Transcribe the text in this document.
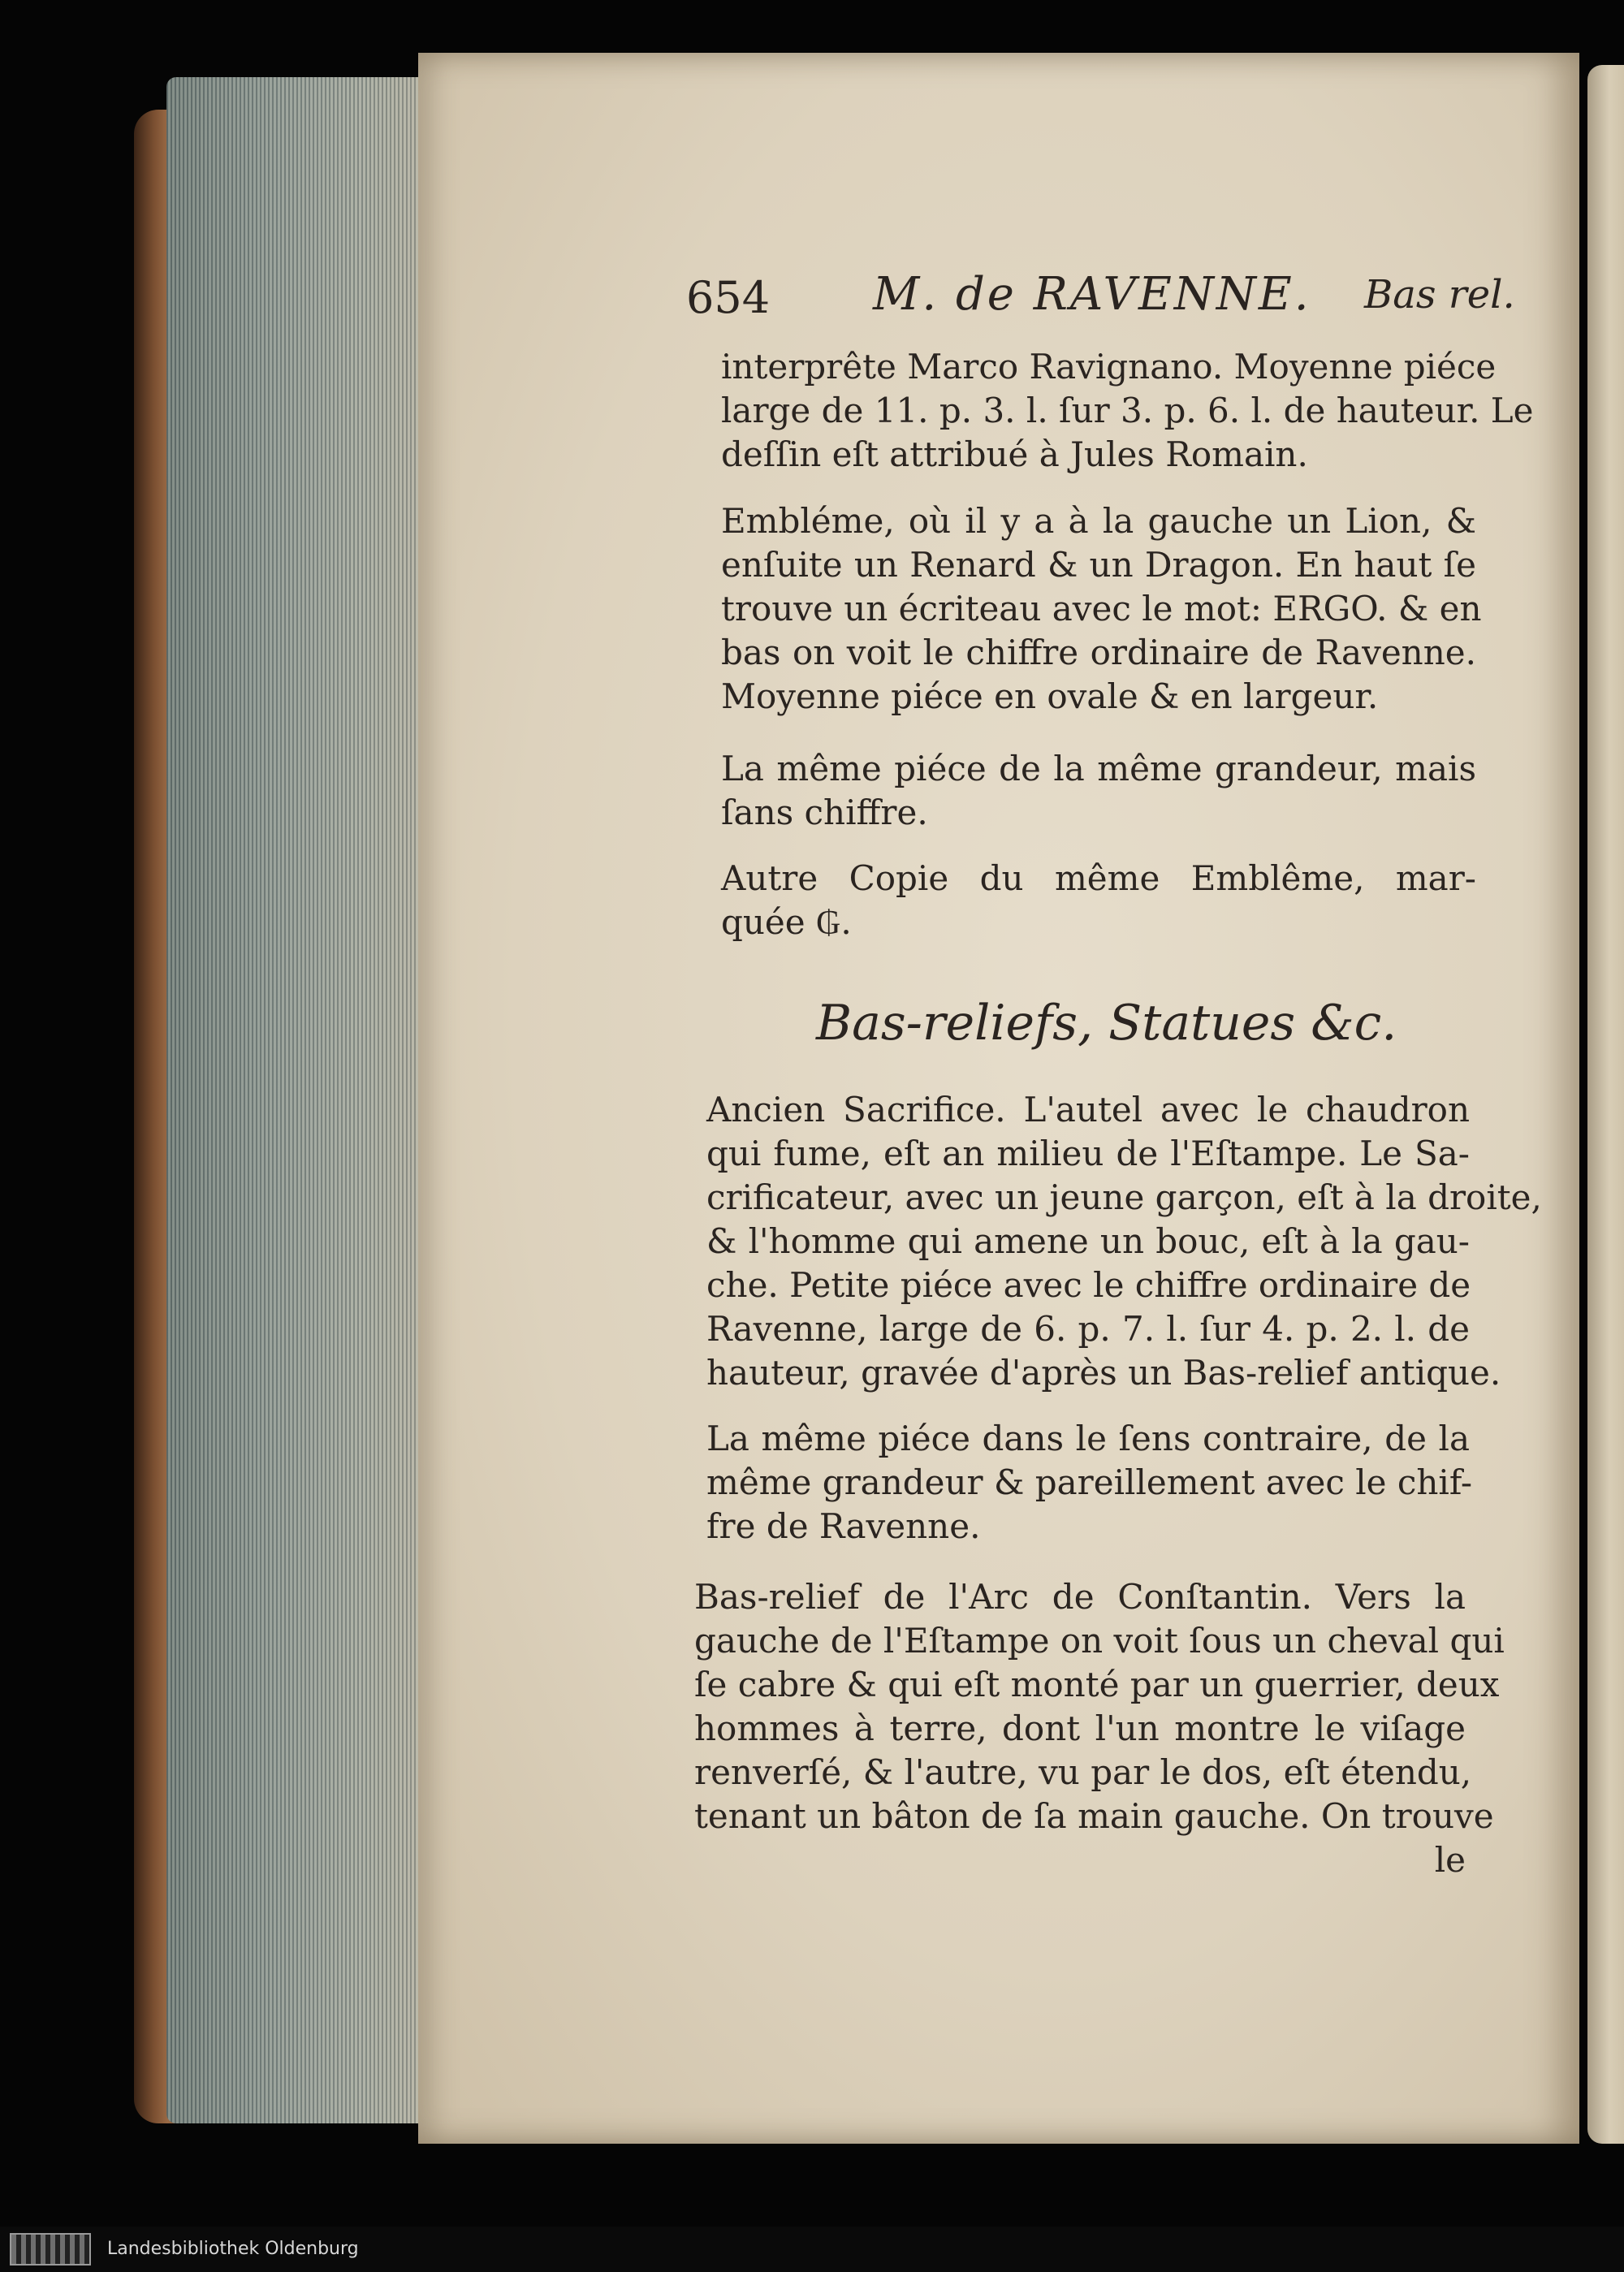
654 M. de RAVENNE. Bas rel.
interprête Marco Ravignano. Moyenne piéce
large de 11. p. 3. l. ſur 3. p. 6. l. de hauteur. Le
deſſin eſt attribué à Jules Romain.
Embléme, où il y a à la gauche un Lion, &
enſuite un Renard & un Dragon. En haut ſe
trouve un écriteau avec le mot: ERGO. & en
bas on voit le chiffre ordinaire de Ravenne.
Moyenne piéce en ovale & en largeur.
La même piéce de la même grandeur, mais
ſans chiffre.
Autre Copie du même Emblême, mar-
quée ₲.
Bas-reliefs, Statues &c.
Ancien Sacrifice. L'autel avec le chaudron
qui fume, eſt an milieu de l'Eſtampe. Le Sa-
crificateur, avec un jeune garçon, eſt à la droite,
& l'homme qui amene un bouc, eſt à la gau-
che. Petite piéce avec le chiffre ordinaire de
Ravenne, large de 6. p. 7. l. ſur 4. p. 2. l. de
hauteur, gravée d'après un Bas-relief antique.
La même piéce dans le ſens contraire, de la
même grandeur & pareillement avec le chif-
fre de Ravenne.
Bas-relief de l'Arc de Conſtantin. Vers la
gauche de l'Eſtampe on voit ſous un cheval qui
ſe cabre & qui eſt monté par un guerrier, deux
hommes à terre, dont l'un montre le viſage
renverſé, & l'autre, vu par le dos, eſt étendu,
tenant un bâton de ſa main gauche. On trouve
le
Landesbibliothek Oldenburg
